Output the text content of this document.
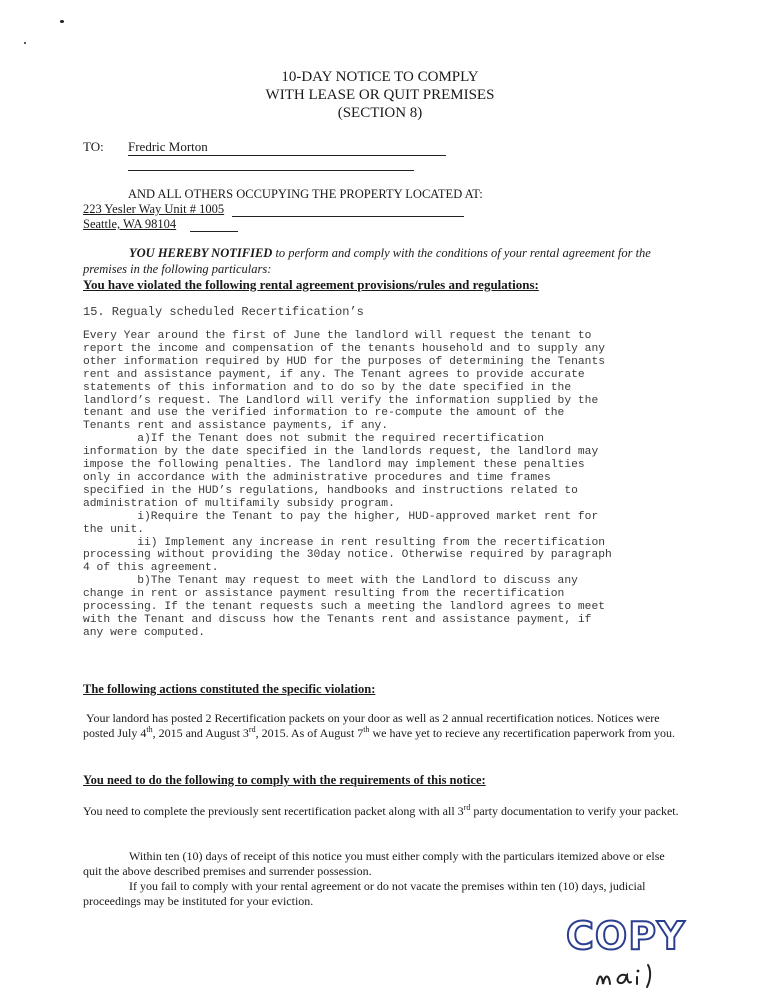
10-DAY NOTICE TO COMPLY
WITH LEASE OR QUIT PREMISES
(SECTION 8)
TO: Fredric Morton
AND ALL OTHERS OCCUPYING THE PROPERTY LOCATED AT:
223 Yesler Way Unit # 1005
Seattle, WA 98104
YOU HEREBY NOTIFIED to perform and comply with the conditions of your rental agreement for the premises in the following particulars:
You have violated the following rental agreement provisions/rules and regulations:
15. Regualy scheduled Recertification’s
Every Year around the first of June the landlord will request the tenant to
report the income and compensation of the tenants household and to supply any
other information required by HUD for the purposes of determining the Tenants
rent and assistance payment, if any. The Tenant agrees to provide accurate
statements of this information and to do so by the date specified in the
landlord’s request. The Landlord will verify the information supplied by the
tenant and use the verified information to re-compute the amount of the
Tenants rent and assistance payments, if any.
a)If the Tenant does not submit the required recertification
information by the date specified in the landlords request, the landlord may
impose the following penalties. The landlord may implement these penalties
only in accordance with the administrative procedures and time frames
specified in the HUD’s regulations, handbooks and instructions related to
administration of multifamily subsidy program.
i)Require the Tenant to pay the higher, HUD-approved market rent for
the unit.
ii) Implement any increase in rent resulting from the recertification
processing without providing the 30day notice. Otherwise required by paragraph
4 of this agreement.
b)The Tenant may request to meet with the Landlord to discuss any
change in rent or assistance payment resulting from the recertification
processing. If the tenant requests such a meeting the landlord agrees to meet
with the Tenant and discuss how the Tenants rent and assistance payment, if
any were computed.
The following actions constituted the specific violation:
Your landord has posted 2 Recertification packets on your door as well as 2 annual recertification notices. Notices were posted July 4th, 2015 and August 3rd, 2015. As of August 7th we have yet to recieve any recertification paperwork from you.
You need to do the following to comply with the requirements of this notice:
You need to complete the previously sent recertification packet along with all 3rd party documentation to verify your packet.

Within ten (10) days of receipt of this notice you must either comply with the particulars itemized above or else quit the above described premises and surrender possession.

If you fail to comply with your rental agreement or do not vacate the premises within ten (10) days, judicial proceedings may be instituted for your eviction.

COPY
